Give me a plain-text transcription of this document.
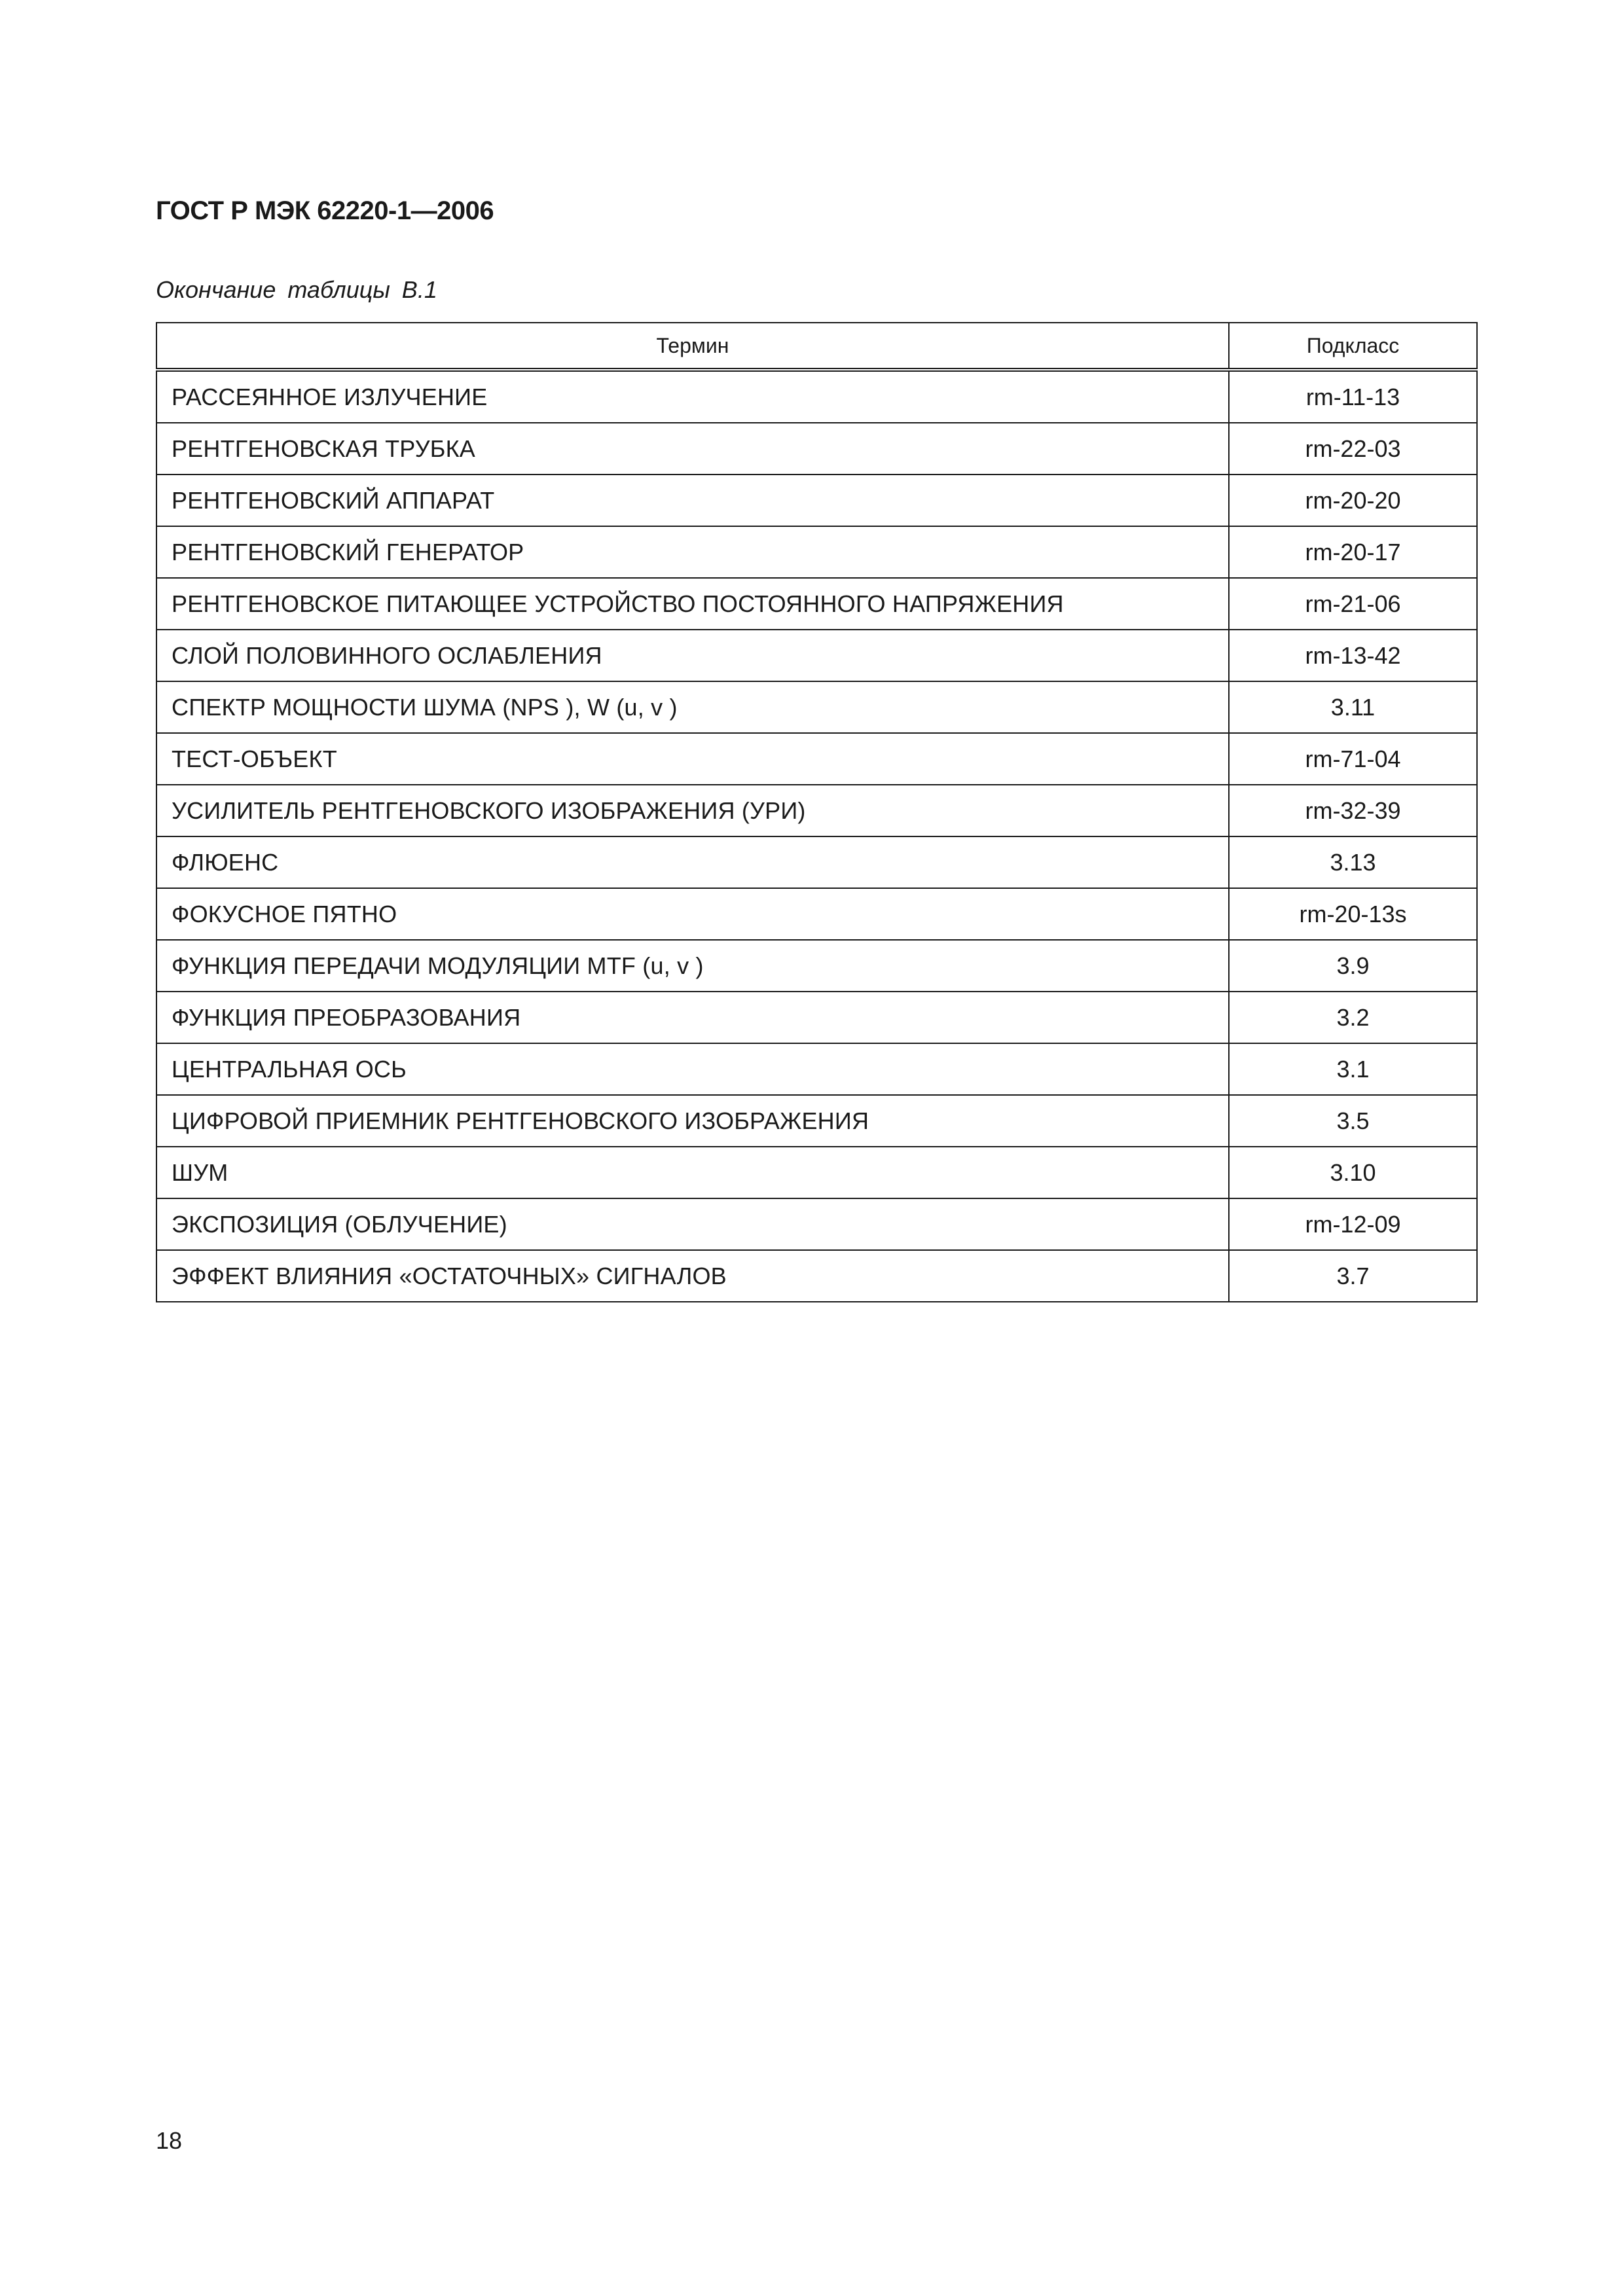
ГОСТ Р МЭК 62220-1—2006
Окончание таблицы В.1
Термин	Подкласс
РАССЕЯННОЕ ИЗЛУЧЕНИЕ	rm-11-13
РЕНТГЕНОВСКАЯ ТРУБКА	rm-22-03
РЕНТГЕНОВСКИЙ АППАРАТ	rm-20-20
РЕНТГЕНОВСКИЙ ГЕНЕРАТОР	rm-20-17
РЕНТГЕНОВСКОЕ ПИТАЮЩЕЕ УСТРОЙСТВО ПОСТОЯННОГО НАПРЯЖЕНИЯ	rm-21-06
СЛОЙ ПОЛОВИННОГО ОСЛАБЛЕНИЯ	rm-13-42
СПЕКТР МОЩНОСТИ ШУМА (NPS ), W (u, v )	3.11
ТЕСТ-ОБЪЕКТ	rm-71-04
УСИЛИТЕЛЬ РЕНТГЕНОВСКОГО ИЗОБРАЖЕНИЯ (УРИ)	rm-32-39
ФЛЮЕНС	3.13
ФОКУСНОЕ ПЯТНО	rm-20-13s
ФУНКЦИЯ ПЕРЕДАЧИ МОДУЛЯЦИИ MTF (u, v )	3.9
ФУНКЦИЯ ПРЕОБРАЗОВАНИЯ	3.2
ЦЕНТРАЛЬНАЯ ОСЬ	3.1
ЦИФРОВОЙ ПРИЕМНИК РЕНТГЕНОВСКОГО ИЗОБРАЖЕНИЯ	3.5
ШУМ	3.10
ЭКСПОЗИЦИЯ (ОБЛУЧЕНИЕ)	rm-12-09
ЭФФЕКТ ВЛИЯНИЯ «ОСТАТОЧНЫХ» СИГНАЛОВ	3.7
18
